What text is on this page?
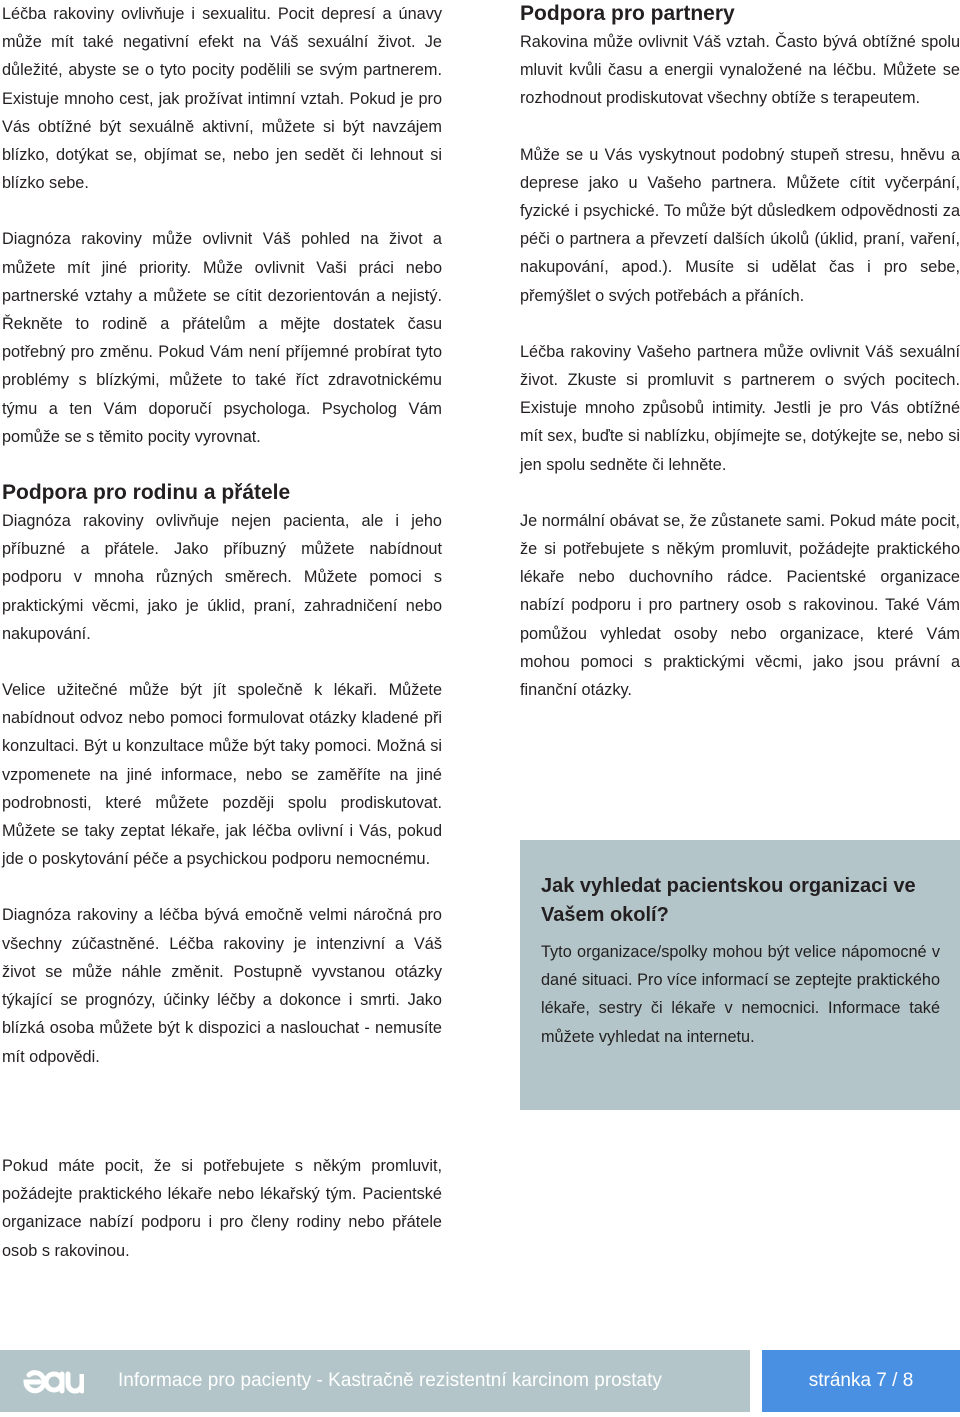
Léčba rakoviny ovlivňuje i sexualitu. Pocit depresí a únavy může mít také negativní efekt na Váš sexuální život. Je důležité, abyste se o tyto pocity podělili se svým partnerem. Existuje mnoho cest, jak prožívat intimní vztah. Pokud je pro Vás obtížné být sexuálně aktivní, můžete si být navzájem blízko, dotýkat se, objímat se, nebo jen sedět či lehnout si blízko sebe.

Diagnóza rakoviny může ovlivnit Váš pohled na život a můžete mít jiné priority. Může ovlivnit Vaši práci nebo partnerské vztahy a můžete se cítit dezorientován a nejistý. Řekněte to rodině a přátelům a mějte dostatek času potřebný pro změnu. Pokud Vám není příjemné probírat tyto problémy s blízkými, můžete to také říct zdravotnickému týmu a ten Vám doporučí psychologa. Psycholog Vám pomůže se s těmito pocity vyrovnat.

Podpora pro rodinu a přátele

Diagnóza rakoviny ovlivňuje nejen pacienta, ale i jeho příbuzné a přátele. Jako příbuzný můžete nabídnout podporu v mnoha různých směrech. Můžete pomoci s praktickými věcmi, jako je úklid, praní, zahradničení nebo nakupování.

Velice užitečné může být jít společně k lékaři. Můžete nabídnout odvoz nebo pomoci formulovat otázky kladené při konzultaci. Být u konzultace může být taky pomoci. Možná si vzpomenete na jiné informace, nebo se zaměříte na jiné podrobnosti, které můžete později spolu prodiskutovat. Můžete se taky zeptat lékaře, jak léčba ovlivní i Vás, pokud jde o poskytování péče a psychickou podporu nemocnému.

Diagnóza rakoviny a léčba bývá emočně velmi náročná pro všechny zúčastněné. Léčba rakoviny je intenzivní a Váš život se může náhle změnit. Postupně vyvstanou otázky týkající se prognózy, účinky léčby a dokonce i smrti. Jako blízká osoba můžete být k dispozici a naslouchat - nemusíte mít odpovědi.

Pokud máte pocit, že si potřebujete s někým promluvit, požádejte praktického lékaře nebo lékařský tým. Pacientské organizace nabízí podporu i pro členy rodiny nebo přátele osob s rakovinou.

Podpora pro partnery

Rakovina může ovlivnit Váš vztah. Často bývá obtížné spolu mluvit kvůli času a energii vynaložené na léčbu. Můžete se rozhodnout prodiskutovat všechny obtíže s terapeutem.

Může se u Vás vyskytnout podobný stupeň stresu, hněvu a deprese jako u Vašeho partnera. Můžete cítit vyčerpání, fyzické i psychické. To může být důsledkem odpovědnosti za péči o partnera a převzetí dalších úkolů (úklid, praní, vaření, nakupování, apod.). Musíte si udělat čas i pro sebe, přemýšlet o svých potřebách a přáních.

Léčba rakoviny Vašeho partnera může ovlivnit Váš sexuální život. Zkuste si promluvit s partnerem o svých pocitech. Existuje mnoho způsobů intimity. Jestli je pro Vás obtížné mít sex, buďte si nablízku, objímejte se, dotýkejte se, nebo si jen spolu sedněte či lehněte.

Je normální obávat se, že zůstanete sami. Pokud máte pocit, že si potřebujete s někým promluvit, požádejte praktického lékaře nebo duchovního rádce. Pacientské organizace nabízí podporu i pro partnery osob s rakovinou. Také Vám pomůžou vyhledat osoby nebo organizace, které Vám mohou pomoci s praktickými věcmi, jako jsou právní a finanční otázky.

Jak vyhledat pacientskou organizaci ve Vašem okolí?

Tyto organizace/spolky mohou být velice nápomocné v dané situaci. Pro více informací se zeptejte praktického lékaře, sestry či lékaře v nemocnici. Informace také můžete vyhledat na internetu.

Informace pro pacienty - Kastračně rezistentní karcinom prostaty	stránka 7 / 8
